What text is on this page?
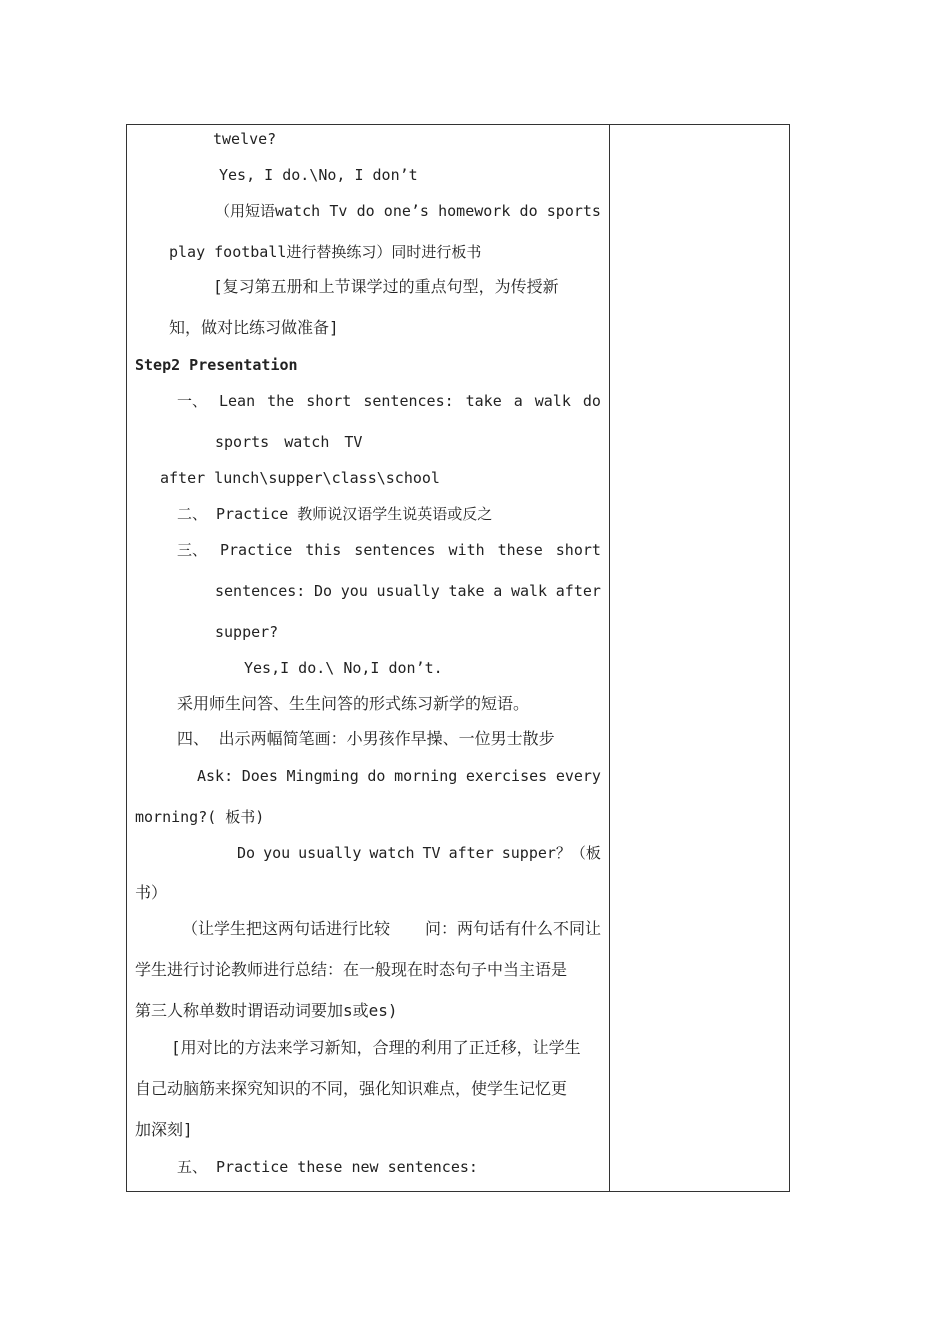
twelve?
Yes, I do.\No, I don’t
（用短语watch Tv do one’s homework do sports
play football进行替换练习）同时进行板书
[复习第五册和上节课学过的重点句型，为传授新
知，做对比练习做准备]
Step2 Presentation
一、 Lean the short sentences: take a walk do
sports watch TV
after lunch\supper\class\school
二、 Practice 教师说汉语学生说英语或反之
三、 Practice this sentences with these short
sentences: Do you usually take a walk after
supper?
Yes,I do.\ No,I don’t.
采用师生问答、生生问答的形式练习新学的短语。
四、 出示两幅简笔画：小男孩作早操、一位男士散步
Ask: Does Mingming do morning exercises every
morning?( 板书)
Do you usually watch TV after supper？（板
书）
（让学生把这两句话进行比较 问：两句话有什么不同让
学生进行讨论教师进行总结：在一般现在时态句子中当主语是
第三人称单数时谓语动词要加s或es)
[用对比的方法来学习新知，合理的利用了正迁移，让学生
自己动脑筋来探究知识的不同，强化知识难点，使学生记忆更
加深刻]
五、 Practice these new sentences:
